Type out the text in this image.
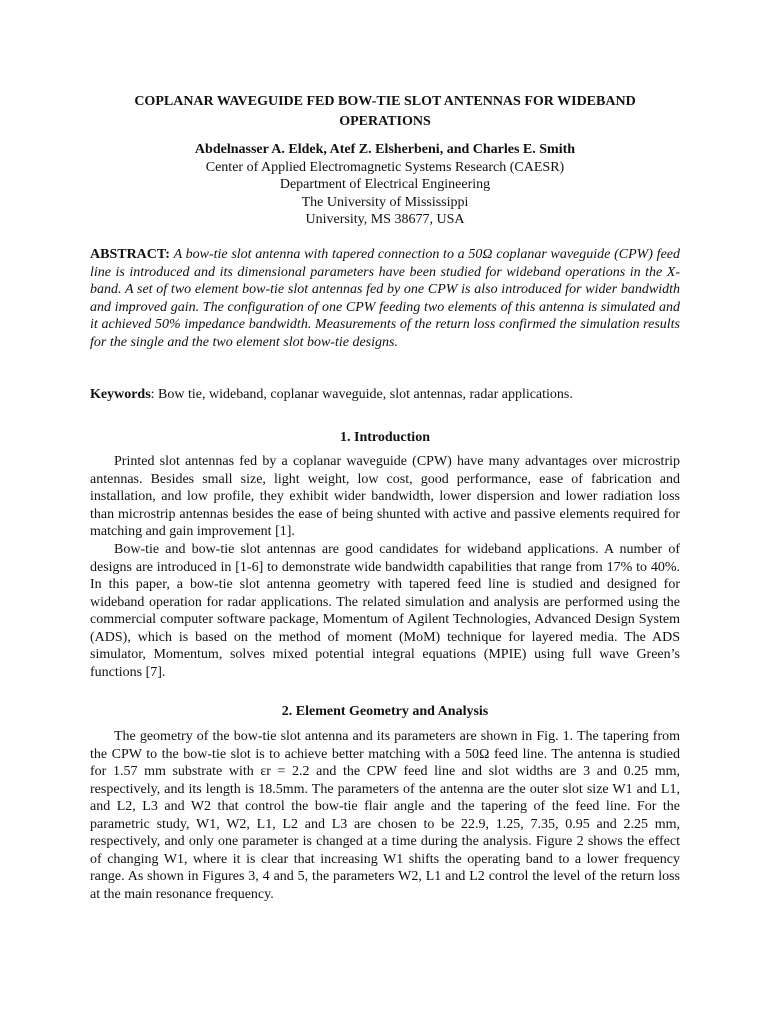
COPLANAR WAVEGUIDE FED BOW-TIE SLOT ANTENNAS FOR WIDEBAND
OPERATIONS
Abdelnasser A. Eldek, Atef Z. Elsherbeni, and Charles E. Smith
Center of Applied Electromagnetic Systems Research (CAESR)
Department of Electrical Engineering
The University of Mississippi
University, MS 38677, USA
ABSTRACT: A bow-tie slot antenna with tapered connection to a 50Ω coplanar waveguide (CPW) feed line is introduced and its dimensional parameters have been studied for wideband operations in the X-band. A set of two element bow-tie slot antennas fed by one CPW is also introduced for wider bandwidth and improved gain. The configuration of one CPW feeding two elements of this antenna is simulated and it achieved 50% impedance bandwidth. Measurements of the return loss confirmed the simulation results for the single and the two element slot bow-tie designs.
Keywords: Bow tie, wideband, coplanar waveguide, slot antennas, radar applications.
1. Introduction
Printed slot antennas fed by a coplanar waveguide (CPW) have many advantages over microstrip antennas. Besides small size, light weight, low cost, good performance, ease of fabrication and installation, and low profile, they exhibit wider bandwidth, lower dispersion and lower radiation loss than microstrip antennas besides the ease of being shunted with active and passive elements required for matching and gain improvement [1].
Bow-tie and bow-tie slot antennas are good candidates for wideband applications. A number of designs are introduced in [1-6] to demonstrate wide bandwidth capabilities that range from 17% to 40%. In this paper, a bow-tie slot antenna geometry with tapered feed line is studied and designed for wideband operation for radar applications. The related simulation and analysis are performed using the commercial computer software package, Momentum of Agilent Technologies, Advanced Design System (ADS), which is based on the method of moment (MoM) technique for layered media. The ADS simulator, Momentum, solves mixed potential integral equations (MPIE) using full wave Green’s functions [7].
2. Element Geometry and Analysis
The geometry of the bow-tie slot antenna and its parameters are shown in Fig. 1. The tapering from the CPW to the bow-tie slot is to achieve better matching with a 50Ω feed line. The antenna is studied for 1.57 mm substrate with εr = 2.2 and the CPW feed line and slot widths are 3 and 0.25 mm, respectively, and its length is 18.5mm. The parameters of the antenna are the outer slot size W1 and L1, and L2, L3 and W2 that control the bow-tie flair angle and the tapering of the feed line. For the parametric study, W1, W2, L1, L2 and L3 are chosen to be 22.9, 1.25, 7.35, 0.95 and 2.25 mm, respectively, and only one parameter is changed at a time during the analysis. Figure 2 shows the effect of changing W1, where it is clear that increasing W1 shifts the operating band to a lower frequency range. As shown in Figures 3, 4 and 5, the parameters W2, L1 and L2 control the level of the return loss at the main resonance frequency.
